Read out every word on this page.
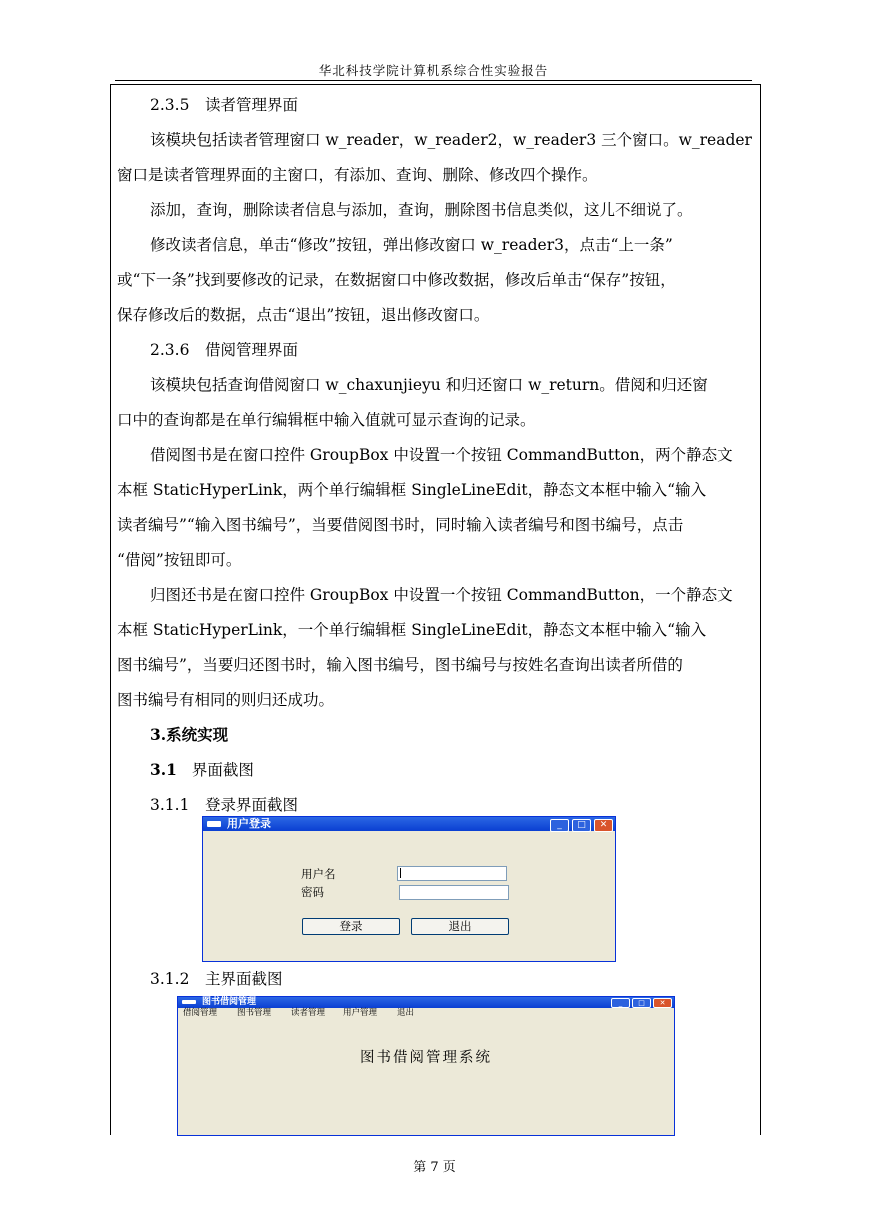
华北科技学院计算机系综合性实验报告
2.3.5　读者管理界面
该模块包括读者管理窗口 w_reader，w_reader2，w_reader3 三个窗口。w_reader
窗口是读者管理界面的主窗口，有添加、查询、删除、修改四个操作。
添加，查询，删除读者信息与添加，查询，删除图书信息类似，这儿不细说了。
修改读者信息，单击“修改”按钮，弹出修改窗口 w_reader3，点击“上一条”
或“下一条”找到要修改的记录，在数据窗口中修改数据，修改后单击“保存”按钮，
保存修改后的数据，点击“退出”按钮，退出修改窗口。
2.3.6　借阅管理界面
该模块包括查询借阅窗口 w_chaxunjieyu 和归还窗口 w_return。借阅和归还窗
口中的查询都是在单行编辑框中输入值就可显示查询的记录。
借阅图书是在窗口控件 GroupBox 中设置一个按钮 CommandButton，两个静态文
本框 StaticHyperLink，两个单行编辑框 SingleLineEdit，静态文本框中输入“输入
读者编号”“输入图书编号”，当要借阅图书时，同时输入读者编号和图书编号，点击
“借阅”按钮即可。
归图还书是在窗口控件 GroupBox 中设置一个按钮 CommandButton，一个静态文
本框 StaticHyperLink，一个单行编辑框 SingleLineEdit，静态文本框中输入“输入
图书编号”，当要归还图书时，输入图书编号，图书编号与按姓名查询出读者所借的
图书编号有相同的则归还成功。
3.系统实现
3.1 界面截图
3.1.1　登录界面截图
用户登录	_	□	✕
用户名
密码
登录	退出
3.1.2　主界面截图
图书借阅管理	_	□	✕
借阅管理 图书管理 读者管理 用户管理 退出
图书借阅管理系统
第 7 页
